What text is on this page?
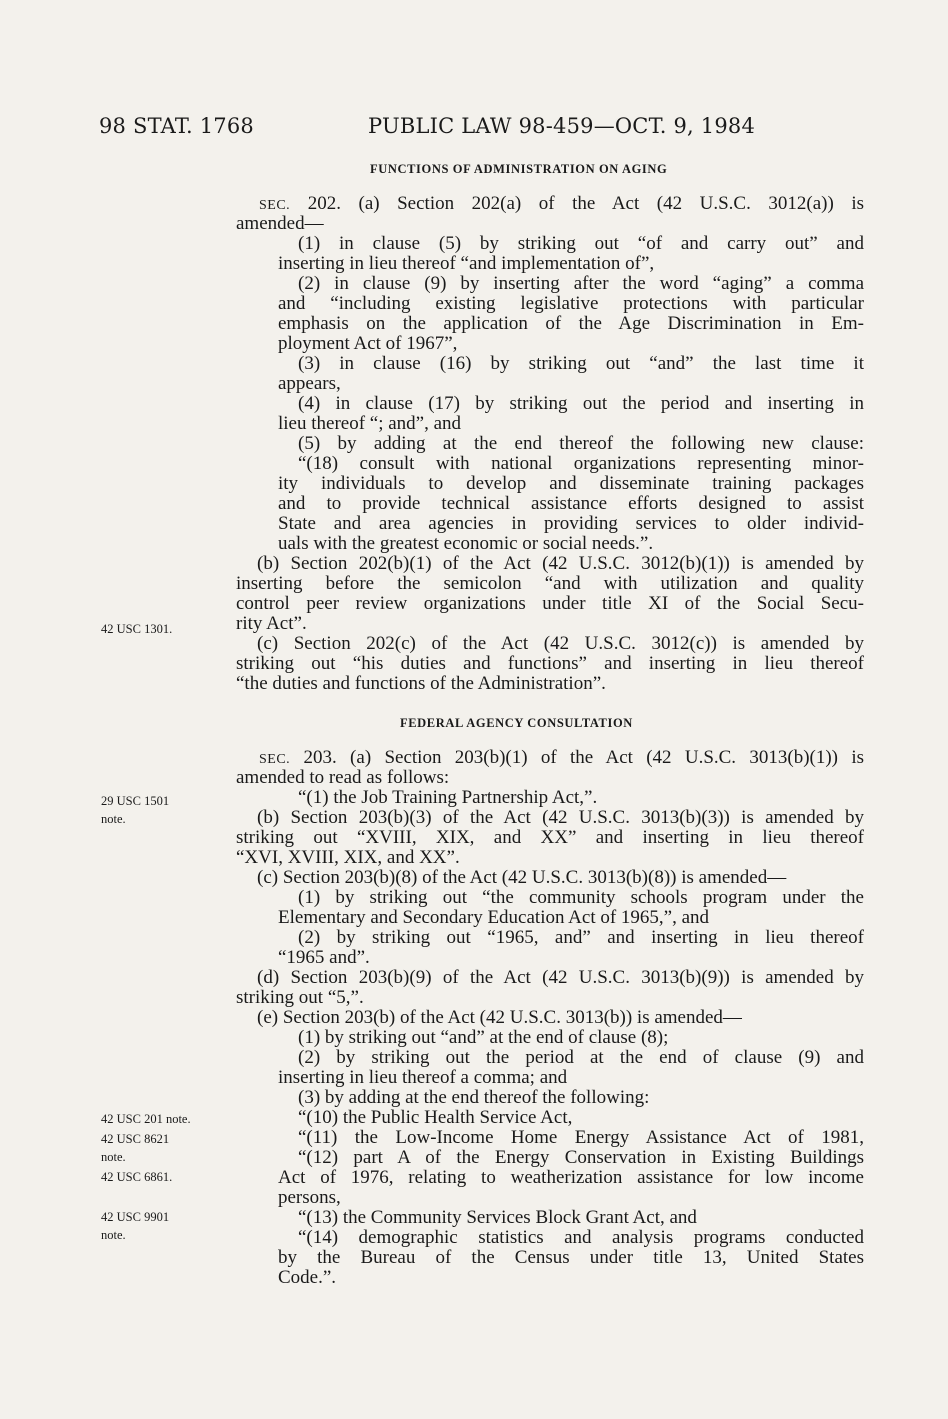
98 STAT. 1768	PUBLIC LAW 98-459—OCT. 9, 1984
FUNCTIONS OF ADMINISTRATION ON AGING
SEC. 202. (a) Section 202(a) of the Act (42 U.S.C. 3012(a)) is
amended—
(1) in clause (5) by striking out “of and carry out” and
inserting in lieu thereof “and implementation of”,
(2) in clause (9) by inserting after the word “aging” a comma
and “including existing legislative protections with particular
emphasis on the application of the Age Discrimination in Em-
ployment Act of 1967”,
(3) in clause (16) by striking out “and” the last time it
appears,
(4) in clause (17) by striking out the period and inserting in
lieu thereof “; and”, and
(5) by adding at the end thereof the following new clause:
“(18) consult with national organizations representing minor-
ity individuals to develop and disseminate training packages
and to provide technical assistance efforts designed to assist
State and area agencies in providing services to older individ-
uals with the greatest economic or social needs.”.
(b) Section 202(b)(1) of the Act (42 U.S.C. 3012(b)(1)) is amended by
inserting before the semicolon “and with utilization and quality
control peer review organizations under title XI of the Social Secu-
rity Act”.
(c) Section 202(c) of the Act (42 U.S.C. 3012(c)) is amended by
striking out “his duties and functions” and inserting in lieu thereof
“the duties and functions of the Administration”.
FEDERAL AGENCY CONSULTATION
SEC. 203. (a) Section 203(b)(1) of the Act (42 U.S.C. 3013(b)(1)) is
amended to read as follows:
“(1) the Job Training Partnership Act,”.
(b) Section 203(b)(3) of the Act (42 U.S.C. 3013(b)(3)) is amended by
striking out “XVIII, XIX, and XX” and inserting in lieu thereof
“XVI, XVIII, XIX, and XX”.
(c) Section 203(b)(8) of the Act (42 U.S.C. 3013(b)(8)) is amended—
(1) by striking out “the community schools program under the
Elementary and Secondary Education Act of 1965,”, and
(2) by striking out “1965, and” and inserting in lieu thereof
“1965 and”.
(d) Section 203(b)(9) of the Act (42 U.S.C. 3013(b)(9)) is amended by
striking out “5,”.
(e) Section 203(b) of the Act (42 U.S.C. 3013(b)) is amended—
(1) by striking out “and” at the end of clause (8);
(2) by striking out the period at the end of clause (9) and
inserting in lieu thereof a comma; and
(3) by adding at the end thereof the following:
“(10) the Public Health Service Act,
“(11) the Low-Income Home Energy Assistance Act of 1981,
“(12) part A of the Energy Conservation in Existing Buildings
Act of 1976, relating to weatherization assistance for low income
persons,
“(13) the Community Services Block Grant Act, and
“(14) demographic statistics and analysis programs conducted
by the Bureau of the Census under title 13, United States
Code.”.
42 USC 1301.
29 USC 1501
note.
42 USC 201 note.
42 USC 8621
note.
42 USC 6861.
42 USC 9901
note.
